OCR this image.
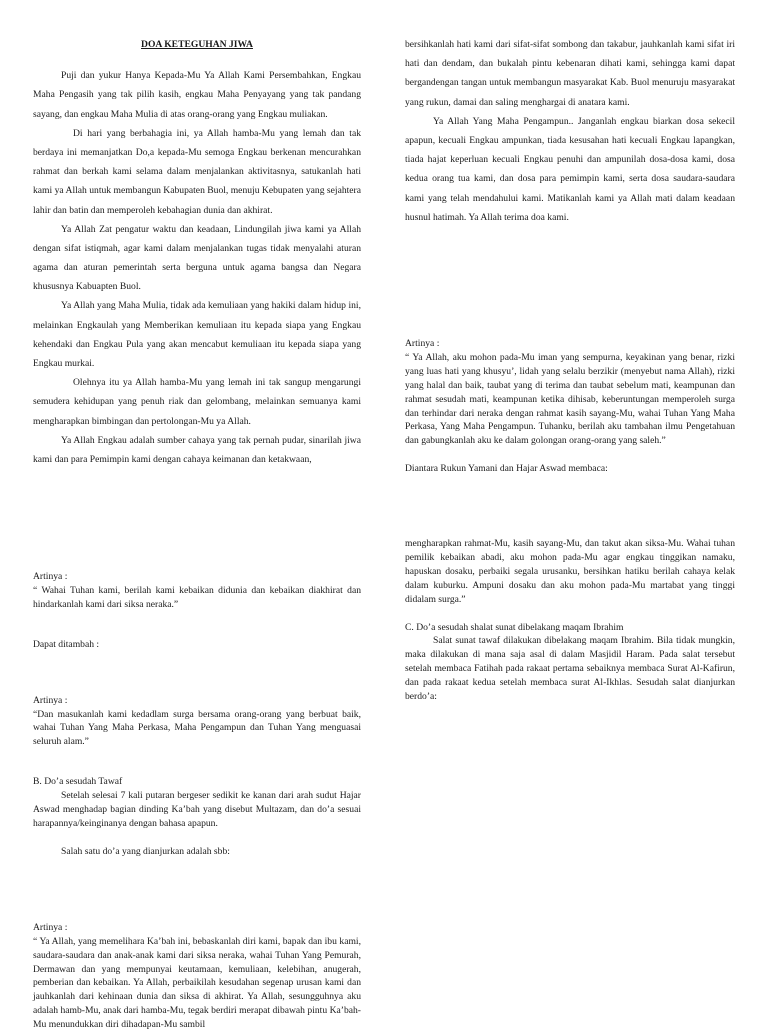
DOA KETEGUHAN JIWA

Puji dan yukur Hanya Kepada-Mu Ya Allah Kami Persembahkan, Engkau Maha Pengasih yang tak pilih kasih, engkau Maha Penyayang yang tak pandang sayang, dan engkau Maha Mulia di atas orang-orang yang Engkau muliakan.

Di hari yang berbahagia ini, ya Allah hamba-Mu yang lemah dan tak berdaya ini memanjatkan Do,a kepada-Mu semoga Engkau berkenan mencurahkan rahmat dan berkah kami selama dalam menjalankan aktivitasnya, satukanlah hati kami ya Allah untuk membangun Kabupaten Buol, menuju Kebupaten yang sejahtera lahir dan batin dan memperoleh kebahagian dunia dan akhirat.

Ya Allah Zat pengatur waktu dan keadaan, Lindungilah jiwa kami ya Allah dengan sifat istiqmah, agar kami dalam menjalankan tugas tidak menyalahi aturan agama dan aturan pemerintah serta berguna untuk agama bangsa dan Negara khususnya Kabuapten Buol.

Ya Allah yang Maha Mulia, tidak ada kemuliaan yang hakiki dalam hidup ini, melainkan Engkaulah yang Memberikan kemuliaan itu kepada siapa yang Engkau kehendaki dan Engkau Pula yang akan mencabut kemuliaan itu kepada siapa yang Engkau murkai.

Olehnya itu ya Allah hamba-Mu yang lemah ini tak sangup mengarungi semudera kehidupan yang penuh riak dan gelombang, melainkan semuanya kami mengharapkan bimbingan dan pertolongan-Mu ya Allah.

Ya Allah Engkau adalah sumber cahaya yang tak pernah pudar, sinarilah jiwa kami dan para Pemimpin kami dengan cahaya keimanan dan ketakwaan,

bersihkanlah hati kami dari sifat-sifat sombong dan takabur, jauhkanlah kami sifat iri hati dan dendam, dan bukalah pintu kebenaran dihati kami, sehingga kami dapat bergandengan tangan untuk membangun masyarakat Kab. Buol menuruju masyarakat yang rukun, damai dan saling menghargai di anatara kami.

Ya Allah Yang Maha Pengampun.. Janganlah engkau biarkan dosa sekecil apapun, kecuali Engkau ampunkan, tiada kesusahan hati kecuali Engkau lapangkan, tiada hajat keperluan kecuali Engkau penuhi dan ampunilah dosa-dosa kami, dosa kedua orang tua kami, dan dosa para pemimpin kami, serta dosa saudara-saudara kami yang telah mendahului kami. Matikanlah kami ya Allah mati dalam keadaan husnul hatimah. Ya Allah terima doa kami.

Artinya :

“ Ya Allah, aku mohon pada-Mu iman yang sempurna, keyakinan yang benar, rizki yang luas hati yang khusyu’, lidah yang selalu berzikir (menyebut nama Allah), rizki yang halal dan baik, taubat yang di terima dan taubat sebelum mati, keampunan dan rahmat sesudah mati, keampunan ketika dihisab, keberuntungan memperoleh surga dan terhindar dari neraka dengan rahmat kasih sayang-Mu, wahai Tuhan Yang Maha Perkasa, Yang Maha Pengampun. Tuhanku, berilah aku tambahan ilmu Pengetahuan dan gabungkanlah aku ke dalam golongan orang-orang yang saleh.”

Diantara Rukun Yamani dan Hajar Aswad membaca:

Artinya :

“ Wahai Tuhan kami, berilah kami kebaikan didunia dan kebaikan diakhirat dan hindarkanlah kami dari siksa neraka.”

Dapat ditambah :

Artinya :

“Dan masukanlah kami kedadlam surga bersama orang-orang yang berbuat baik, wahai Tuhan Yang Maha Perkasa, Maha Pengampun dan Tuhan Yang menguasai seluruh alam.”

B. Do’a sesudah Tawaf

Setelah selesai 7 kali putaran bergeser sedikit ke kanan dari arah sudut Hajar Aswad menghadap bagian dinding Ka’bah yang disebut Multazam, dan do’a sesuai harapannya/keinginanya dengan bahasa apapun.

Salah satu do’a yang dianjurkan adalah sbb:

Artinya :

“ Ya Allah, yang memelihara Ka’bah ini, bebaskanlah diri kami, bapak dan ibu kami, saudara-saudara dan anak-anak kami dari siksa neraka, wahai Tuhan Yang Pemurah, Dermawan dan yang mempunyai keutamaan, kemuliaan, kelebihan, anugerah, pemberian dan kebaikan. Ya Allah, perbaikilah kesudahan segenap urusan kami dan jauhkanlah dari kehinaan dunia dan siksa di akhirat. Ya Allah, sesungguhnya aku adalah hamb-Mu, anak dari hamba-Mu, tegak berdiri merapat dibawah pintu Ka’bah-Mu menundukkan diri dihadapan-Mu sambil

mengharapkan rahmat-Mu, kasih sayang-Mu, dan takut akan siksa-Mu. Wahai tuhan pemilik kebaikan abadi, aku mohon pada-Mu agar engkau tinggikan namaku, hapuskan dosaku, perbaiki segala urusanku, bersihkan hatiku berilah cahaya kelak dalam kuburku. Ampuni dosaku dan aku mohon pada-Mu martabat yang tinggi didalam surga.”

C. Do’a sesudah shalat sunat dibelakang maqam Ibrahim

Salat sunat tawaf dilakukan dibelakang maqam Ibrahim. Bila tidak mungkin, maka dilakukan di mana saja asal di dalam Masjidil Haram. Pada salat tersebut setelah membaca Fatihah pada rakaat pertama sebaiknya membaca Surat Al-Kafirun, dan pada rakaat kedua setelah membaca surat Al-Ikhlas. Sesudah salat dianjurkan berdo’a:
